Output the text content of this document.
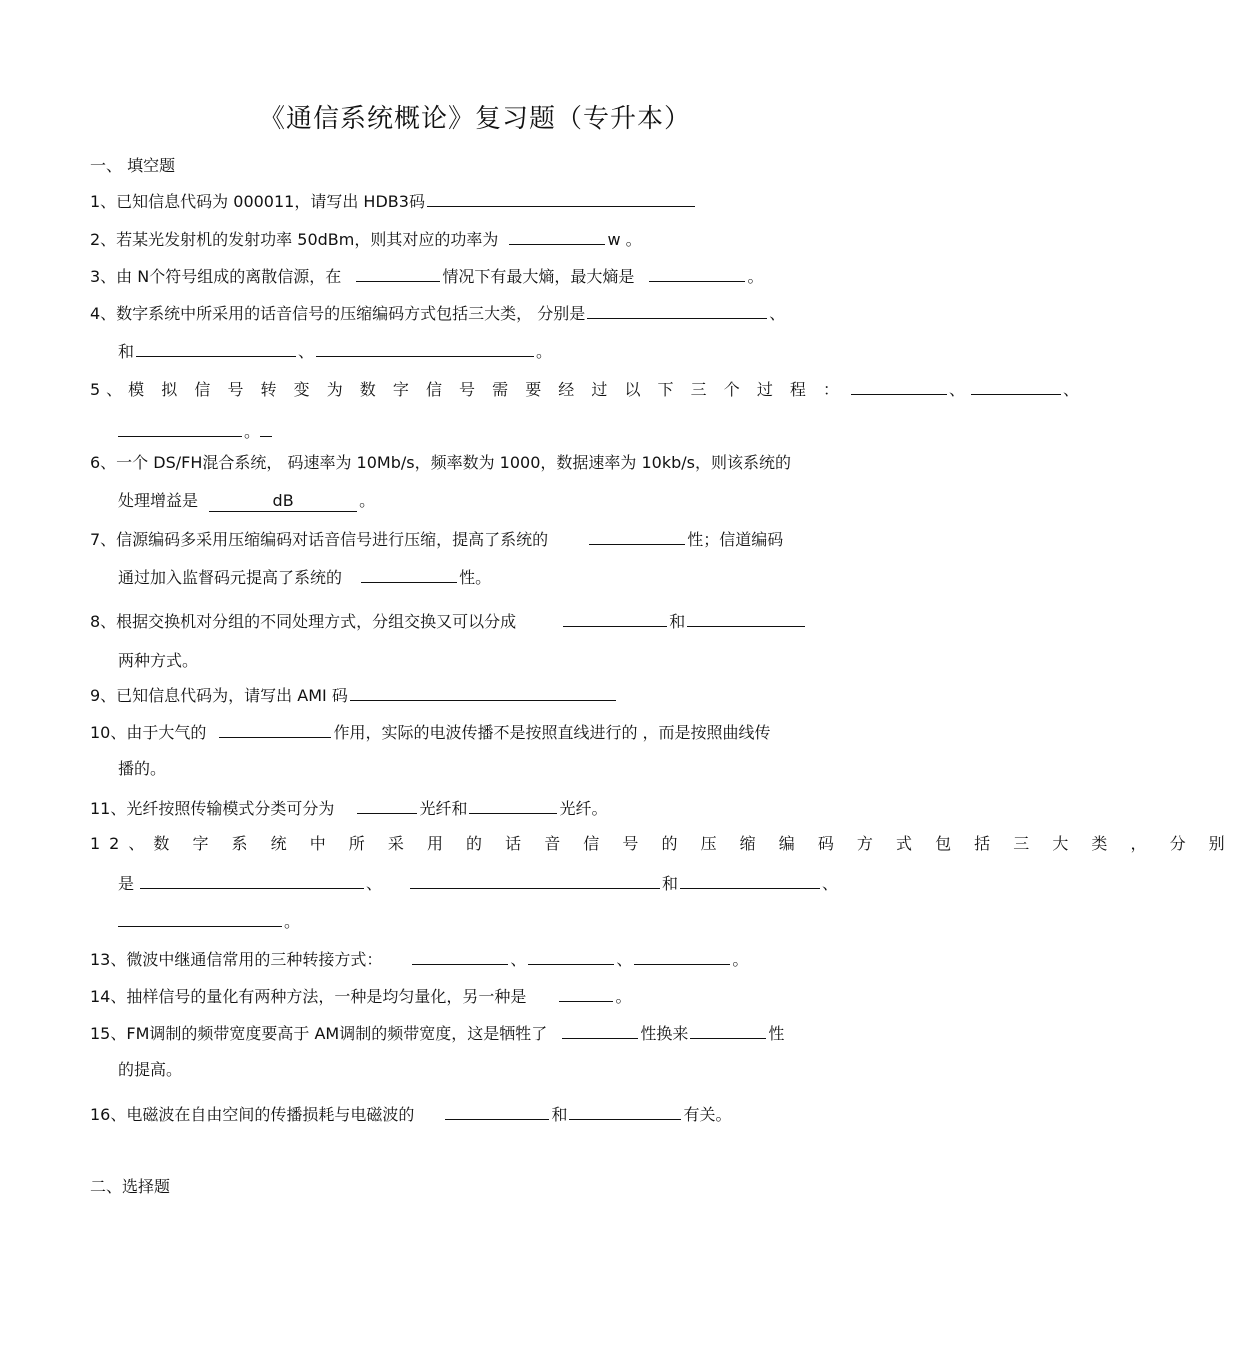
《通信系统概论》复习题（专升本）
一、 填空题
1、已知信息代码为 000011，请写出 HDB3码
2、若某光发射机的发射功率 50dBm，则其对应的功率为	w 。
3、由 N个符号组成的离散信源，在	情况下有最大熵，最大熵是	。
4、数字系统中所采用的话音信号的压缩编码方式包括三大类， 分别是	、
和	、	。
5、模 拟 信 号 转 变 为 数 字 信 号 需 要 经 过 以 下 三 个 过 程 ：	、	、
。
6、一个 DS/FH混合系统， 码速率为 10Mb/s，频率数为 1000，数据速率为 10kb/s，则该系统的
处理增益是	dB	。
7、信源编码多采用压缩编码对话音信号进行压缩，提高了系统的	性；信道编码
通过加入监督码元提高了系统的	性。
8、根据交换机对分组的不同处理方式，分组交换又可以分成	和
两种方式。
9、已知信息代码为，请写出 AMI 码
10、由于大气的	作用，实际的电波传播不是按照直线进行的 ，而是按照曲线传
播的。
11、光纤按照传输模式分类可分为	光纤和	光纤。
12、数 字 系 统 中 所 采 用 的 话 音 信 号 的 压 缩 编 码 方 式 包 括 三 大 类 ， 分 别
是	、	和	、
。
13、微波中继通信常用的三种转接方式：	、	、	。
14、抽样信号的量化有两种方法，一种是均匀量化，另一种是	。
15、FM调制的频带宽度要高于 AM调制的频带宽度，这是牺牲了	性换来	性
的提高。
16、电磁波在自由空间的传播损耗与电磁波的	和	有关。
二、选择题
